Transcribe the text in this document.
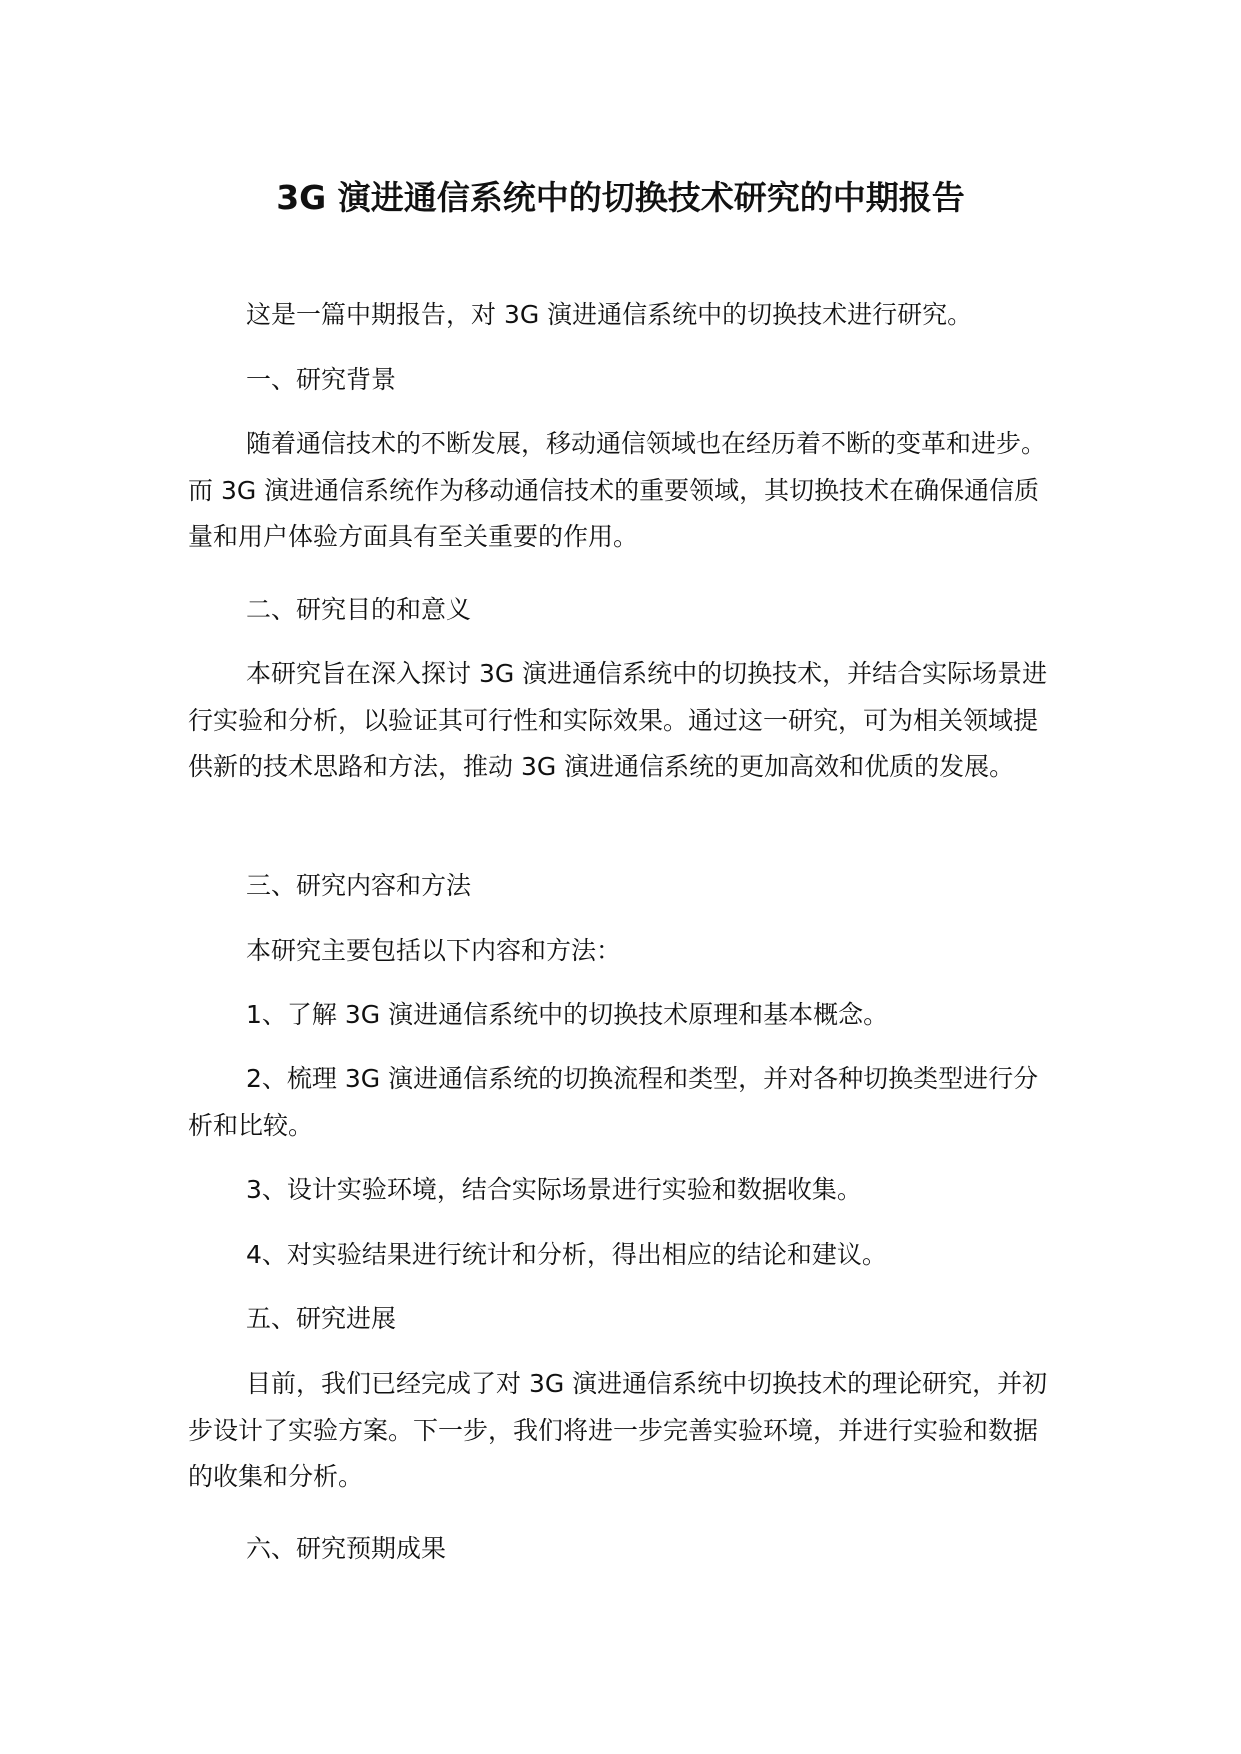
3G 演进通信系统中的切换技术研究的中期报告

这是一篇中期报告，对 3G 演进通信系统中的切换技术进行研究。

一、研究背景

随着通信技术的不断发展，移动通信领域也在经历着不断的变革和进步。而 3G 演进通信系统作为移动通信技术的重要领域，其切换技术在确保通信质量和用户体验方面具有至关重要的作用。

二、研究目的和意义

本研究旨在深入探讨 3G 演进通信系统中的切换技术，并结合实际场景进行实验和分析，以验证其可行性和实际效果。通过这一研究，可为相关领域提供新的技术思路和方法，推动 3G 演进通信系统的更加高效和优质的发展。

三、研究内容和方法

本研究主要包括以下内容和方法：

1、了解 3G 演进通信系统中的切换技术原理和基本概念。

2、梳理 3G 演进通信系统的切换流程和类型，并对各种切换类型进行分析和比较。

3、设计实验环境，结合实际场景进行实验和数据收集。

4、对实验结果进行统计和分析，得出相应的结论和建议。

五、研究进展

目前，我们已经完成了对 3G 演进通信系统中切换技术的理论研究，并初步设计了实验方案。下一步，我们将进一步完善实验环境，并进行实验和数据的收集和分析。

六、研究预期成果
